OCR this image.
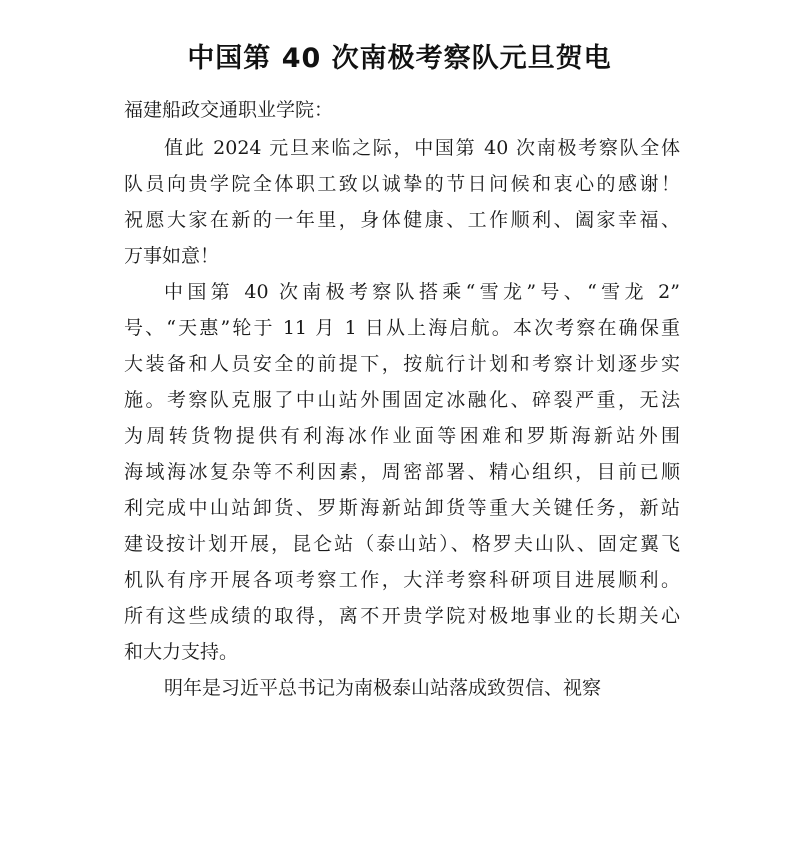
中国第 40 次南极考察队元旦贺电
福建船政交通职业学院：
值此 2024 元旦来临之际，中国第 40 次南极考察队全体
队员向贵学院全体职工致以诚挚的节日问候和衷心的感谢！
祝愿大家在新的一年里，身体健康、工作顺利、阖家幸福、
万事如意！
中国第 40 次南极考察队搭乘“雪龙”号、“雪龙 2”
号、“天惠”轮于 11 月 1 日从上海启航。本次考察在确保重
大装备和人员安全的前提下，按航行计划和考察计划逐步实
施。考察队克服了中山站外围固定冰融化、碎裂严重，无法
为周转货物提供有利海冰作业面等困难和罗斯海新站外围
海域海冰复杂等不利因素，周密部署、精心组织，目前已顺
利完成中山站卸货、罗斯海新站卸货等重大关键任务，新站
建设按计划开展，昆仑站（泰山站）、格罗夫山队、固定翼飞
机队有序开展各项考察工作，大洋考察科研项目进展顺利。
所有这些成绩的取得，离不开贵学院对极地事业的长期关心
和大力支持。
明年是习近平总书记为南极泰山站落成致贺信、视察
